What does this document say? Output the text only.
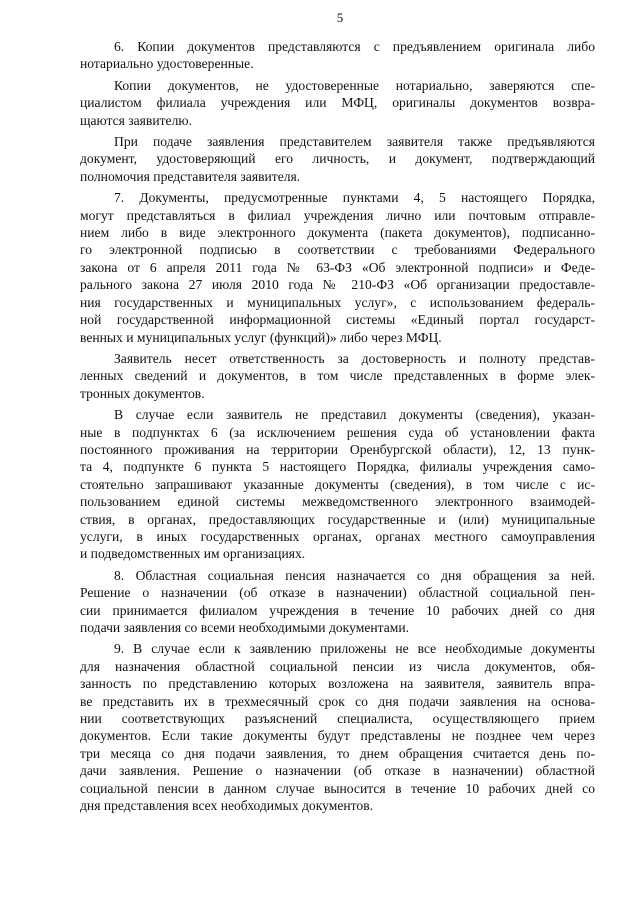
5
6. Копии документов представляются с предъявлением оригинала либо
нотариально удостоверенные.
Копии документов, не удостоверенные нотариально, заверяются спе-
циалистом филиала учреждения или МФЦ, оригиналы документов возвра-
щаются заявителю.
При подаче заявления представителем заявителя также предъявляются
документ, удостоверяющий его личность, и документ, подтверждающий
полномочия представителя заявителя.
7. Документы, предусмотренные пунктами 4, 5 настоящего Порядка,
могут представляться в филиал учреждения лично или почтовым отправле-
нием либо в виде электронного документа (пакета документов), подписанно-
го электронной подписью в соответствии с требованиями Федерального
закона от 6 апреля 2011 года № 63-ФЗ «Об электронной подписи» и Феде-
рального закона 27 июля 2010 года № 210-ФЗ «Об организации предоставле-
ния государственных и муниципальных услуг», с использованием федераль-
ной государственной информационной системы «Единый портал государст-
венных и муниципальных услуг (функций)» либо через МФЦ.
Заявитель несет ответственность за достоверность и полноту представ-
ленных сведений и документов, в том числе представленных в форме элек-
тронных документов.
В случае если заявитель не представил документы (сведения), указан-
ные в подпунктах 6 (за исключением решения суда об установлении факта
постоянного проживания на территории Оренбургской области), 12, 13 пунк-
та 4, подпункте 6 пункта 5 настоящего Порядка, филиалы учреждения само-
стоятельно запрашивают указанные документы (сведения), в том числе с ис-
пользованием единой системы межведомственного электронного взаимодей-
ствия, в органах, предоставляющих государственные и (или) муниципальные
услуги, в иных государственных органах, органах местного самоуправления
и подведомственных им организациях.
8. Областная социальная пенсия назначается со дня обращения за ней.
Решение о назначении (об отказе в назначении) областной социальной пен-
сии принимается филиалом учреждения в течение 10 рабочих дней со дня
подачи заявления со всеми необходимыми документами.
9. В случае если к заявлению приложены не все необходимые документы
для назначения областной социальной пенсии из числа документов, обя-
занность по представлению которых возложена на заявителя, заявитель впра-
ве представить их в трехмесячный срок со дня подачи заявления на основа-
нии соответствующих разъяснений специалиста, осуществляющего прием
документов. Если такие документы будут представлены не позднее чем через
три месяца со дня подачи заявления, то днем обращения считается день по-
дачи заявления. Решение о назначении (об отказе в назначении) областной
социальной пенсии в данном случае выносится в течение 10 рабочих дней со
дня представления всех необходимых документов.
